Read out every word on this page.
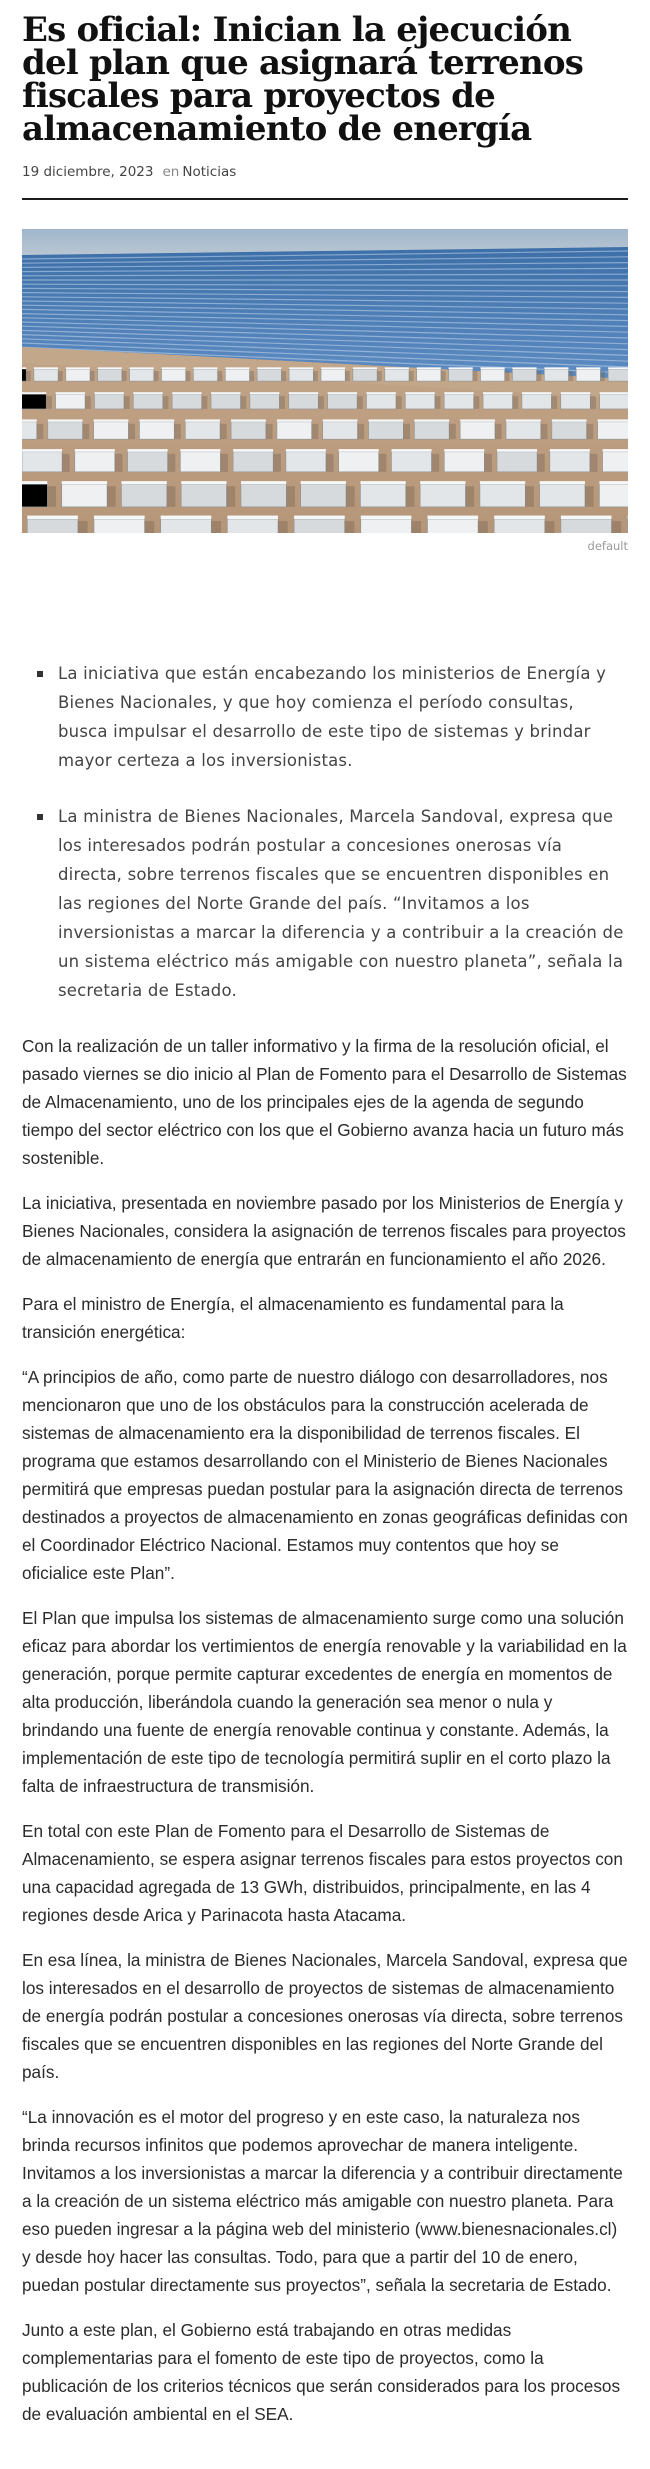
Es oficial: Inician la ejecución del plan que asignará terrenos fiscales para proyectos de almacenamiento de energía
19 diciembre, 2023 en Noticias
default
La iniciativa que están encabezando los ministerios de Energía y Bienes Nacionales, y que hoy comienza el período consultas, busca impulsar el desarrollo de este tipo de sistemas y brindar mayor certeza a los inversionistas.
La ministra de Bienes Nacionales, Marcela Sandoval, expresa que los interesados podrán postular a concesiones onerosas vía directa, sobre terrenos fiscales que se encuentren disponibles en las regiones del Norte Grande del país. “Invitamos a los inversionistas a marcar la diferencia y a contribuir a la creación de un sistema eléctrico más amigable con nuestro planeta”, señala la secretaria de Estado.

Con la realización de un taller informativo y la firma de la resolución oficial, el pasado viernes se dio inicio al Plan de Fomento para el Desarrollo de Sistemas de Almacenamiento, uno de los principales ejes de la agenda de segundo tiempo del sector eléctrico con los que el Gobierno avanza hacia un futuro más sostenible.

La iniciativa, presentada en noviembre pasado por los Ministerios de Energía y Bienes Nacionales, considera la asignación de terrenos fiscales para proyectos de almacenamiento de energía que entrarán en funcionamiento el año 2026.

Para el ministro de Energía, el almacenamiento es fundamental para la transición energética:

“A principios de año, como parte de nuestro diálogo con desarrolladores, nos mencionaron que uno de los obstáculos para la construcción acelerada de sistemas de almacenamiento era la disponibilidad de terrenos fiscales. El programa que estamos desarrollando con el Ministerio de Bienes Nacionales permitirá que empresas puedan postular para la asignación directa de terrenos destinados a proyectos de almacenamiento en zonas geográficas definidas con el Coordinador Eléctrico Nacional. Estamos muy contentos que hoy se oficialice este Plan”.

El Plan que impulsa los sistemas de almacenamiento surge como una solución eficaz para abordar los vertimientos de energía renovable y la variabilidad en la generación, porque permite capturar excedentes de energía en momentos de alta producción, liberándola cuando la generación sea menor o nula y brindando una fuente de energía renovable continua y constante. Además, la implementación de este tipo de tecnología permitirá suplir en el corto plazo la falta de infraestructura de transmisión.

En total con este Plan de Fomento para el Desarrollo de Sistemas de Almacenamiento, se espera asignar terrenos fiscales para estos proyectos con una capacidad agregada de 13 GWh, distribuidos, principalmente, en las 4 regiones desde Arica y Parinacota hasta Atacama.

En esa línea, la ministra de Bienes Nacionales, Marcela Sandoval, expresa que los interesados en el desarrollo de proyectos de sistemas de almacenamiento de energía podrán postular a concesiones onerosas vía directa, sobre terrenos fiscales que se encuentren disponibles en las regiones del Norte Grande del país.

“La innovación es el motor del progreso y en este caso, la naturaleza nos brinda recursos infinitos que podemos aprovechar de manera inteligente. Invitamos a los inversionistas a marcar la diferencia y a contribuir directamente a la creación de un sistema eléctrico más amigable con nuestro planeta. Para eso pueden ingresar a la página web del ministerio (www.bienesnacionales.cl) y desde hoy hacer las consultas. Todo, para que a partir del 10 de enero, puedan postular directamente sus proyectos”, señala la secretaria de Estado.

Junto a este plan, el Gobierno está trabajando en otras medidas complementarias para el fomento de este tipo de proyectos, como la publicación de los criterios técnicos que serán considerados para los procesos de evaluación ambiental en el SEA.
